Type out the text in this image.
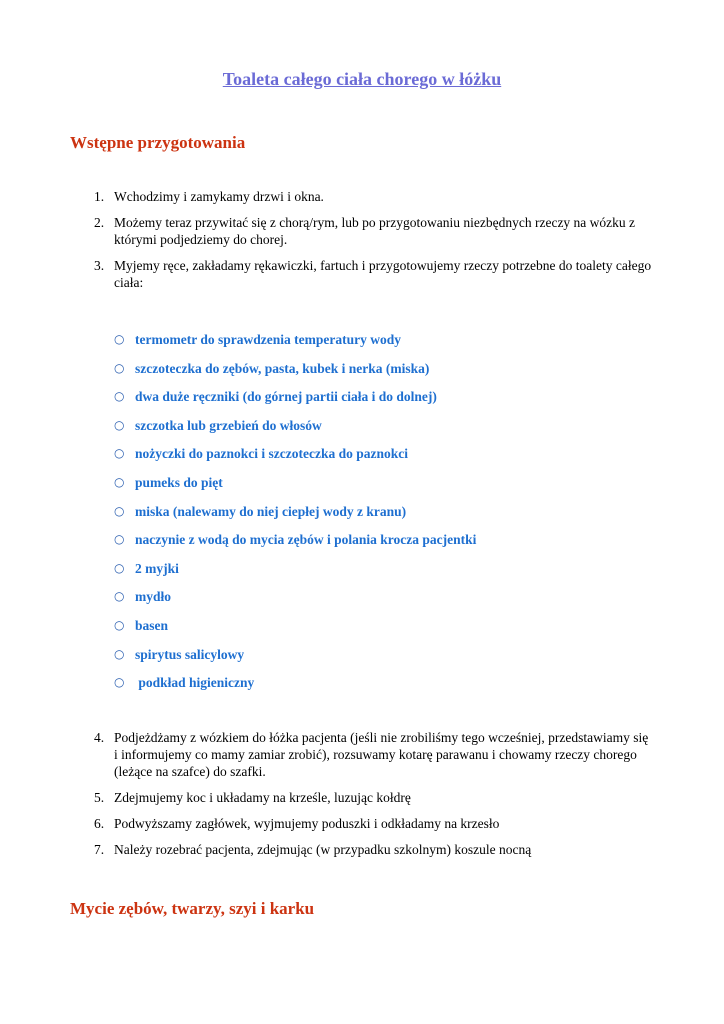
Toaleta całego ciała chorego w łóżku
Wstępne przygotowania
1. Wchodzimy i zamykamy drzwi i okna.
2. Możemy teraz przywitać się z chorą/rym, lub po przygotowaniu niezbędnych rzeczy na wózku z którymi podjedziemy do chorej.
3. Myjemy ręce, zakładamy rękawiczki, fartuch i przygotowujemy rzeczy potrzebne do toalety całego ciała:
○ termometr do sprawdzenia temperatury wody
○ szczoteczka do zębów, pasta, kubek i nerka (miska)
○ dwa duże ręczniki (do górnej partii ciała i do dolnej)
○ szczotka lub grzebień do włosów
○ nożyczki do paznokci i szczoteczka do paznokci
○ pumeks do pięt
○ miska (nalewamy do niej ciepłej wody z kranu)
○ naczynie z wodą do mycia zębów i polania krocza pacjentki
○ 2 myjki
○ mydło
○ basen
○ spirytus salicylowy
○ podkład higieniczny
4. Podjeżdżamy z wózkiem do łóżka pacjenta (jeśli nie zrobiliśmy tego wcześniej, przedstawiamy się i informujemy co mamy zamiar zrobić), rozsuwamy kotarę parawanu i chowamy rzeczy chorego (leżące na szafce) do szafki.
5. Zdejmujemy koc i układamy na krześle, luzując kołdrę
6. Podwyższamy zagłówek, wyjmujemy poduszki i odkładamy na krzesło
7. Należy rozebrać pacjenta, zdejmując (w przypadku szkolnym) koszule nocną
Mycie zębów, twarzy, szyi i karku
